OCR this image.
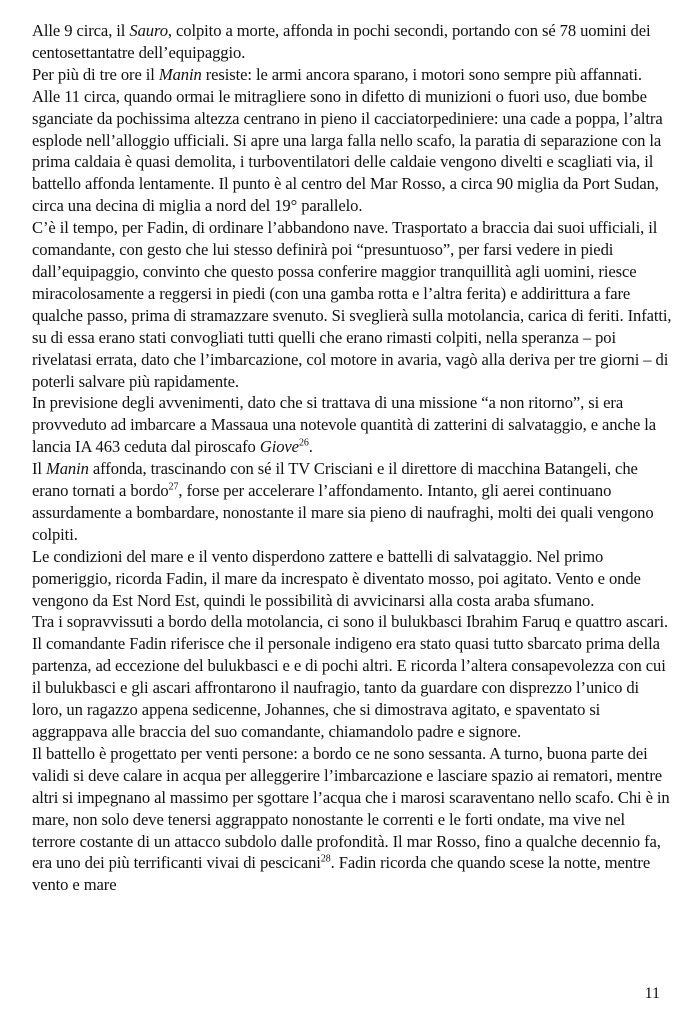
Alle 9 circa, il Sauro, colpito a morte, affonda in pochi secondi, portando con sé 78 uomini dei centosettantatre dell’equipaggio.

Per più di tre ore il Manin resiste: le armi ancora sparano, i motori sono sempre più affannati. Alle 11 circa, quando ormai le mitragliere sono in difetto di munizioni o fuori uso, due bombe sganciate da pochissima altezza centrano in pieno il cacciatorpediniere: una cade a poppa, l’altra esplode nell’alloggio ufficiali. Si apre una larga falla nello scafo, la paratia di separazione con la prima caldaia è quasi demolita, i turboventilatori delle caldaie vengono divelti e scagliati via, il battello affonda lentamente. Il punto è al centro del Mar Rosso, a circa 90 miglia da Port Sudan, circa una decina di miglia a nord del 19° parallelo.

C’è il tempo, per Fadin, di ordinare l’abbandono nave. Trasportato a braccia dai suoi ufficiali, il comandante, con gesto che lui stesso definirà poi “presuntuoso”, per farsi vedere in piedi dall’equipaggio, convinto che questo possa conferire maggior tranquillità agli uomini, riesce miracolosamente a reggersi in piedi (con una gamba rotta e l’altra ferita) e addirittura a fare qualche passo, prima di stramazzare svenuto. Si sveglierà sulla motolancia, carica di feriti. Infatti, su di essa erano stati convogliati tutti quelli che erano rimasti colpiti, nella speranza – poi rivelatasi errata, dato che l’imbarcazione, col motore in avaria, vagò alla deriva per tre giorni – di poterli salvare più rapidamente.

In previsione degli avvenimenti, dato che si trattava di una missione “a non ritorno”, si era provveduto ad imbarcare a Massaua una notevole quantità di zatterini di salvataggio, e anche la lancia IA 463 ceduta dal piroscafo Giove$^{26}$.

Il Manin affonda, trascinando con sé il TV Crisciani e il direttore di macchina Batangeli, che erano tornati a bordo$^{27}$, forse per accelerare l’affondamento. Intanto, gli aerei continuano assurdamente a bombardare, nonostante il mare sia pieno di naufraghi, molti dei quali vengono colpiti.

Le condizioni del mare e il vento disperdono zattere e battelli di salvataggio. Nel primo pomeriggio, ricorda Fadin, il mare da increspato è diventato mosso, poi agitato. Vento e onde vengono da Est Nord Est, quindi le possibilità di avvicinarsi alla costa araba sfumano.

Tra i sopravvissuti a bordo della motolancia, ci sono il bulukbasci Ibrahim Faruq e quattro ascari.

Il comandante Fadin riferisce che il personale indigeno era stato quasi tutto sbarcato prima della partenza, ad eccezione del bulukbasci e e di pochi altri. E ricorda l’altera consapevolezza con cui il bulukbasci e gli ascari affrontarono il naufragio, tanto da guardare con disprezzo l’unico di loro, un ragazzo appena sedicenne, Johannes, che si dimostrava agitato, e spaventato si aggrappava alle braccia del suo comandante, chiamandolo padre e signore.

Il battello è progettato per venti persone: a bordo ce ne sono sessanta. A turno, buona parte dei validi si deve calare in acqua per alleggerire l’imbarcazione e lasciare spazio ai rematori, mentre altri si impegnano al massimo per sgottare l’acqua che i marosi scaraventano nello scafo. Chi è in mare, non solo deve tenersi aggrappato nonostante le correnti e le forti ondate, ma vive nel terrore costante di un attacco subdolo dalle profondità. Il mar Rosso, fino a qualche decennio fa, era uno dei più terrificanti vivai di pescicani$^{28}$. Fadin ricorda che quando scese la notte, mentre vento e mare

11
